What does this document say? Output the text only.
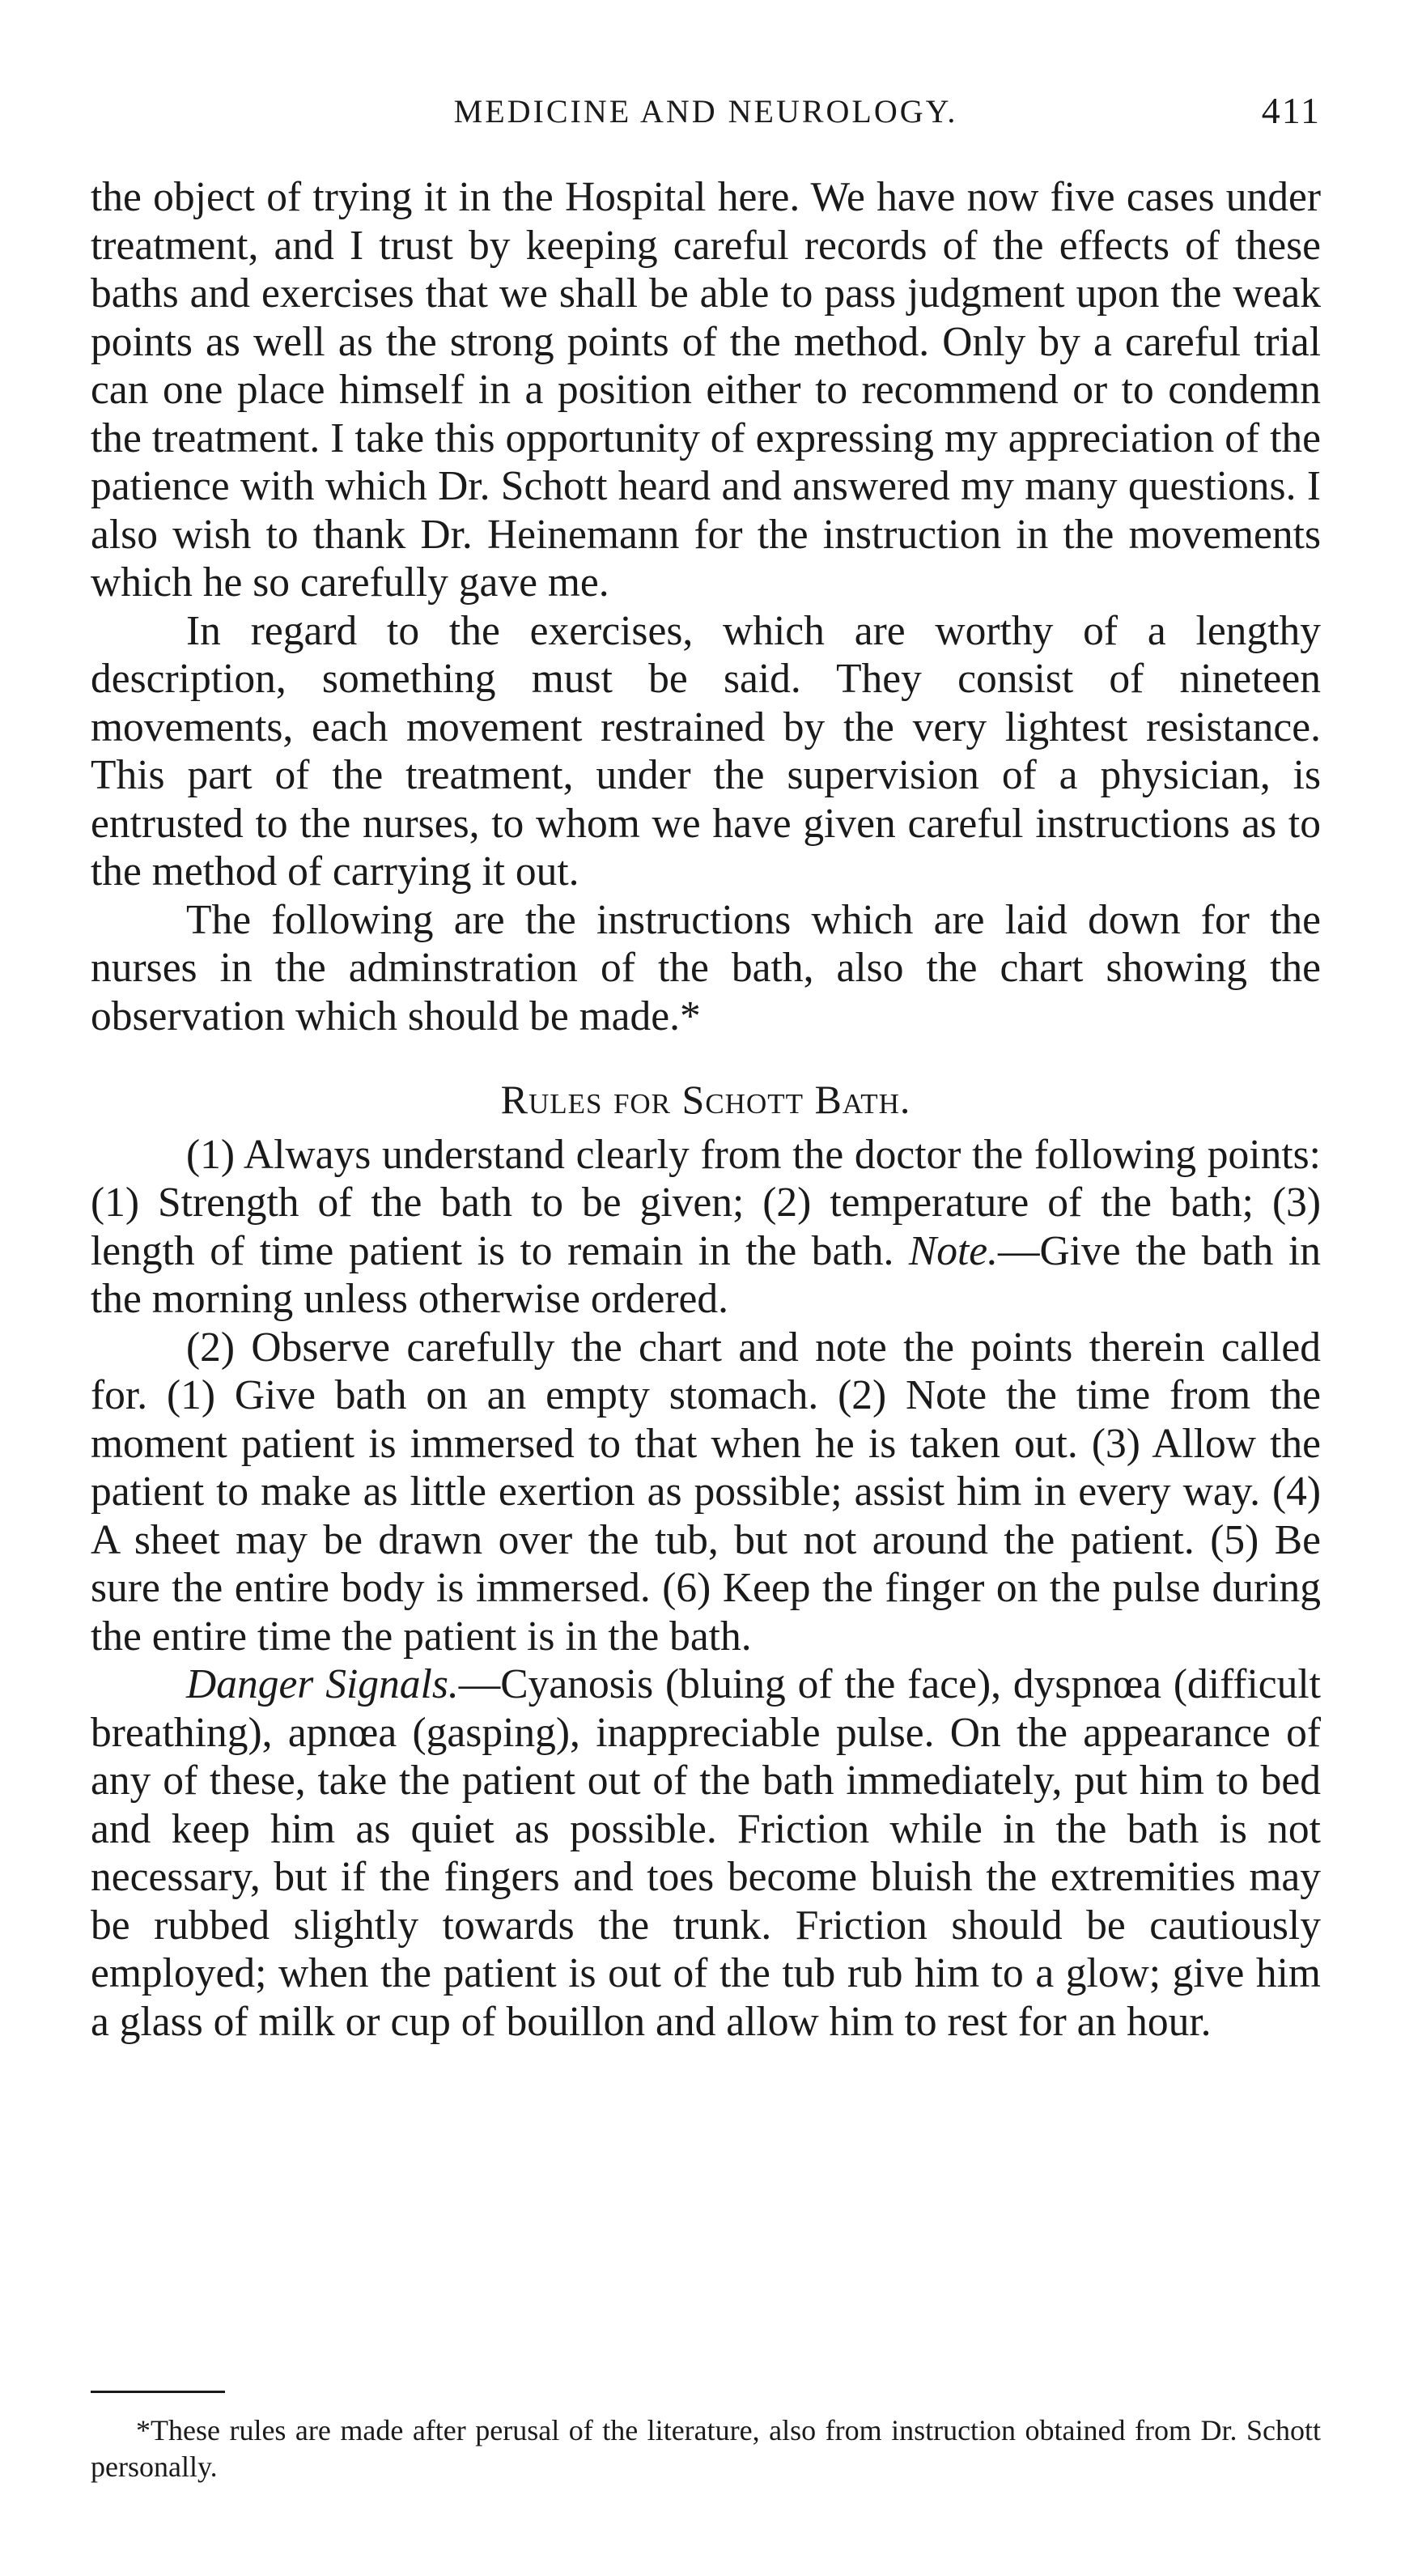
MEDICINE AND NEUROLOGY.	411

the object of trying it in the Hospital here. We have now five cases under treatment, and I trust by keeping careful records of the effects of these baths and exercises that we shall be able to pass judgment upon the weak points as well as the strong points of the method. Only by a careful trial can one place himself in a position either to recommend or to condemn the treatment. I take this opportunity of expressing my appreciation of the patience with which Dr. Schott heard and answered my many questions. I also wish to thank Dr. Heinemann for the instruction in the movements which he so carefully gave me.

In regard to the exercises, which are worthy of a lengthy description, something must be said. They consist of nineteen movements, each movement restrained by the very lightest resistance. This part of the treatment, under the supervision of a physician, is entrusted to the nurses, to whom we have given careful instructions as to the method of carrying it out.

The following are the instructions which are laid down for the nurses in the adminstration of the bath, also the chart showing the observation which should be made.*

Rules for Schott Bath.

(1) Always understand clearly from the doctor the following points: (1) Strength of the bath to be given; (2) temperature of the bath; (3) length of time patient is to remain in the bath. Note.—Give the bath in the morning unless otherwise ordered.

(2) Observe carefully the chart and note the points therein called for. (1) Give bath on an empty stomach. (2) Note the time from the moment patient is immersed to that when he is taken out. (3) Allow the patient to make as little exertion as possible; assist him in every way. (4) A sheet may be drawn over the tub, but not around the patient. (5) Be sure the entire body is immersed. (6) Keep the finger on the pulse during the entire time the patient is in the bath.

Danger Signals.—Cyanosis (bluing of the face), dyspnœa (difficult breathing), apnœa (gasping), inappreciable pulse. On the appearance of any of these, take the patient out of the bath immediately, put him to bed and keep him as quiet as possible. Friction while in the bath is not necessary, but if the fingers and toes become bluish the extremities may be rubbed slightly towards the trunk. Friction should be cautiously employed; when the patient is out of the tub rub him to a glow; give him a glass of milk or cup of bouillon and allow him to rest for an hour.

*These rules are made after perusal of the literature, also from instruction obtained from Dr. Schott personally.
